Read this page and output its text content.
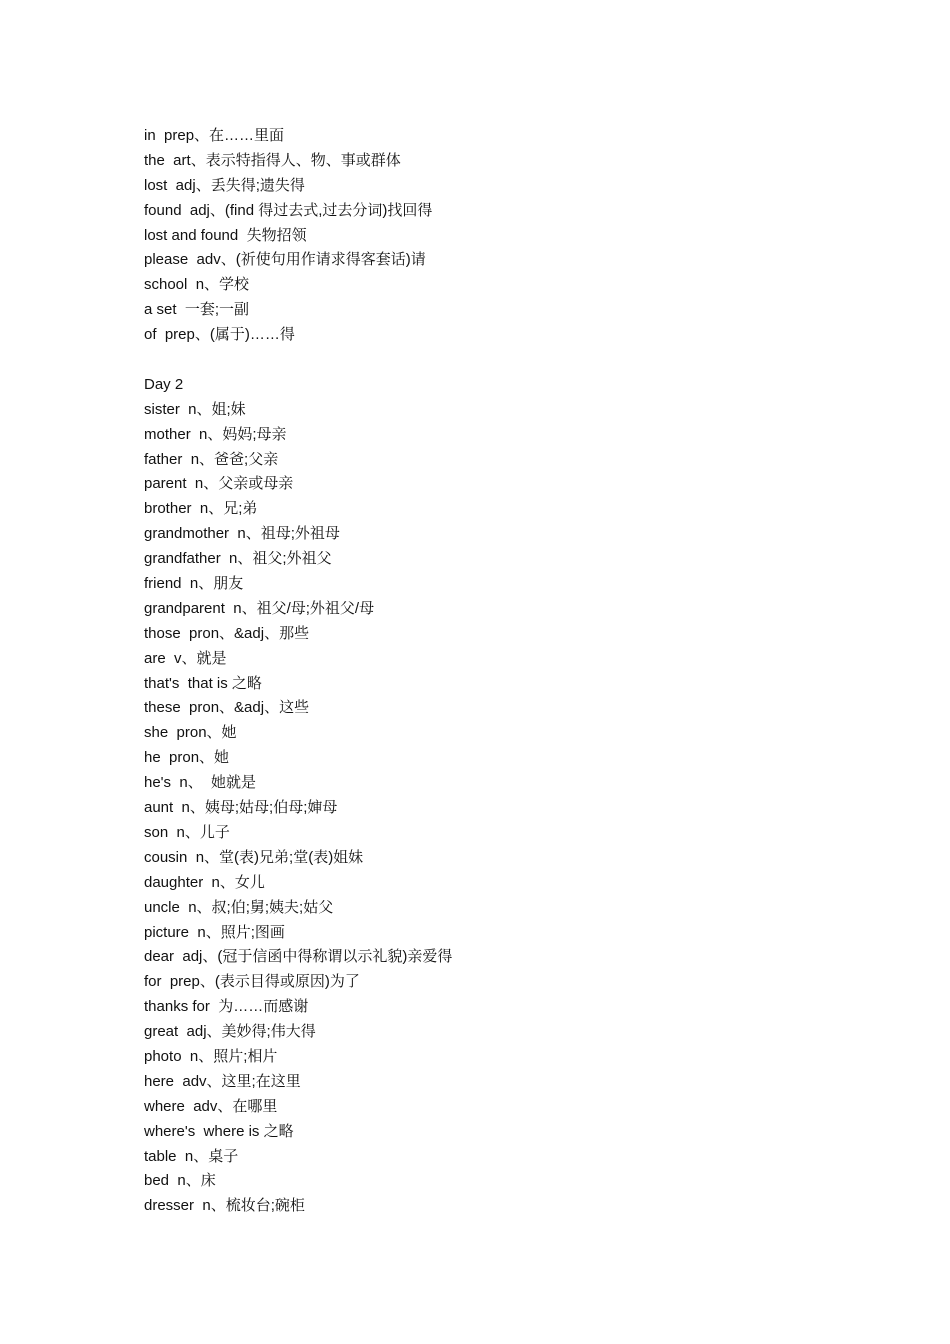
in  prep、在……里面
the  art、表示特指得人、物、事或群体
lost  adj、丢失得;遗失得
found  adj、(find 得过去式,过去分词)找回得
lost and found  失物招领
please  adv、(祈使句用作请求得客套话)请
school  n、学校
a set  一套;一副
of  prep、(属于)……得
Day 2
sister  n、姐;妹
mother  n、妈妈;母亲
father  n、爸爸;父亲
parent  n、父亲或母亲
brother  n、兄;弟
grandmother  n、祖母;外祖母
grandfather  n、祖父;外祖父
friend  n、朋友
grandparent  n、祖父/母;外祖父/母
those  pron、&adj、那些
are  v、就是
that's  that is 之略
these  pron、&adj、这些
she  pron、她
he  pron、她
he's  n、  她就是
aunt  n、姨母;姑母;伯母;婶母
son  n、儿子
cousin  n、堂(表)兄弟;堂(表)姐妹
daughter  n、女儿
uncle  n、叔;伯;舅;姨夫;姑父
picture  n、照片;图画
dear  adj、(冠于信函中得称谓以示礼貌)亲爱得
for  prep、(表示目得或原因)为了
thanks for  为……而感谢
great  adj、美妙得;伟大得
photo  n、照片;相片
here  adv、这里;在这里
where  adv、在哪里
where's  where is 之略
table  n、桌子
bed  n、床
dresser  n、梳妆台;碗柜
